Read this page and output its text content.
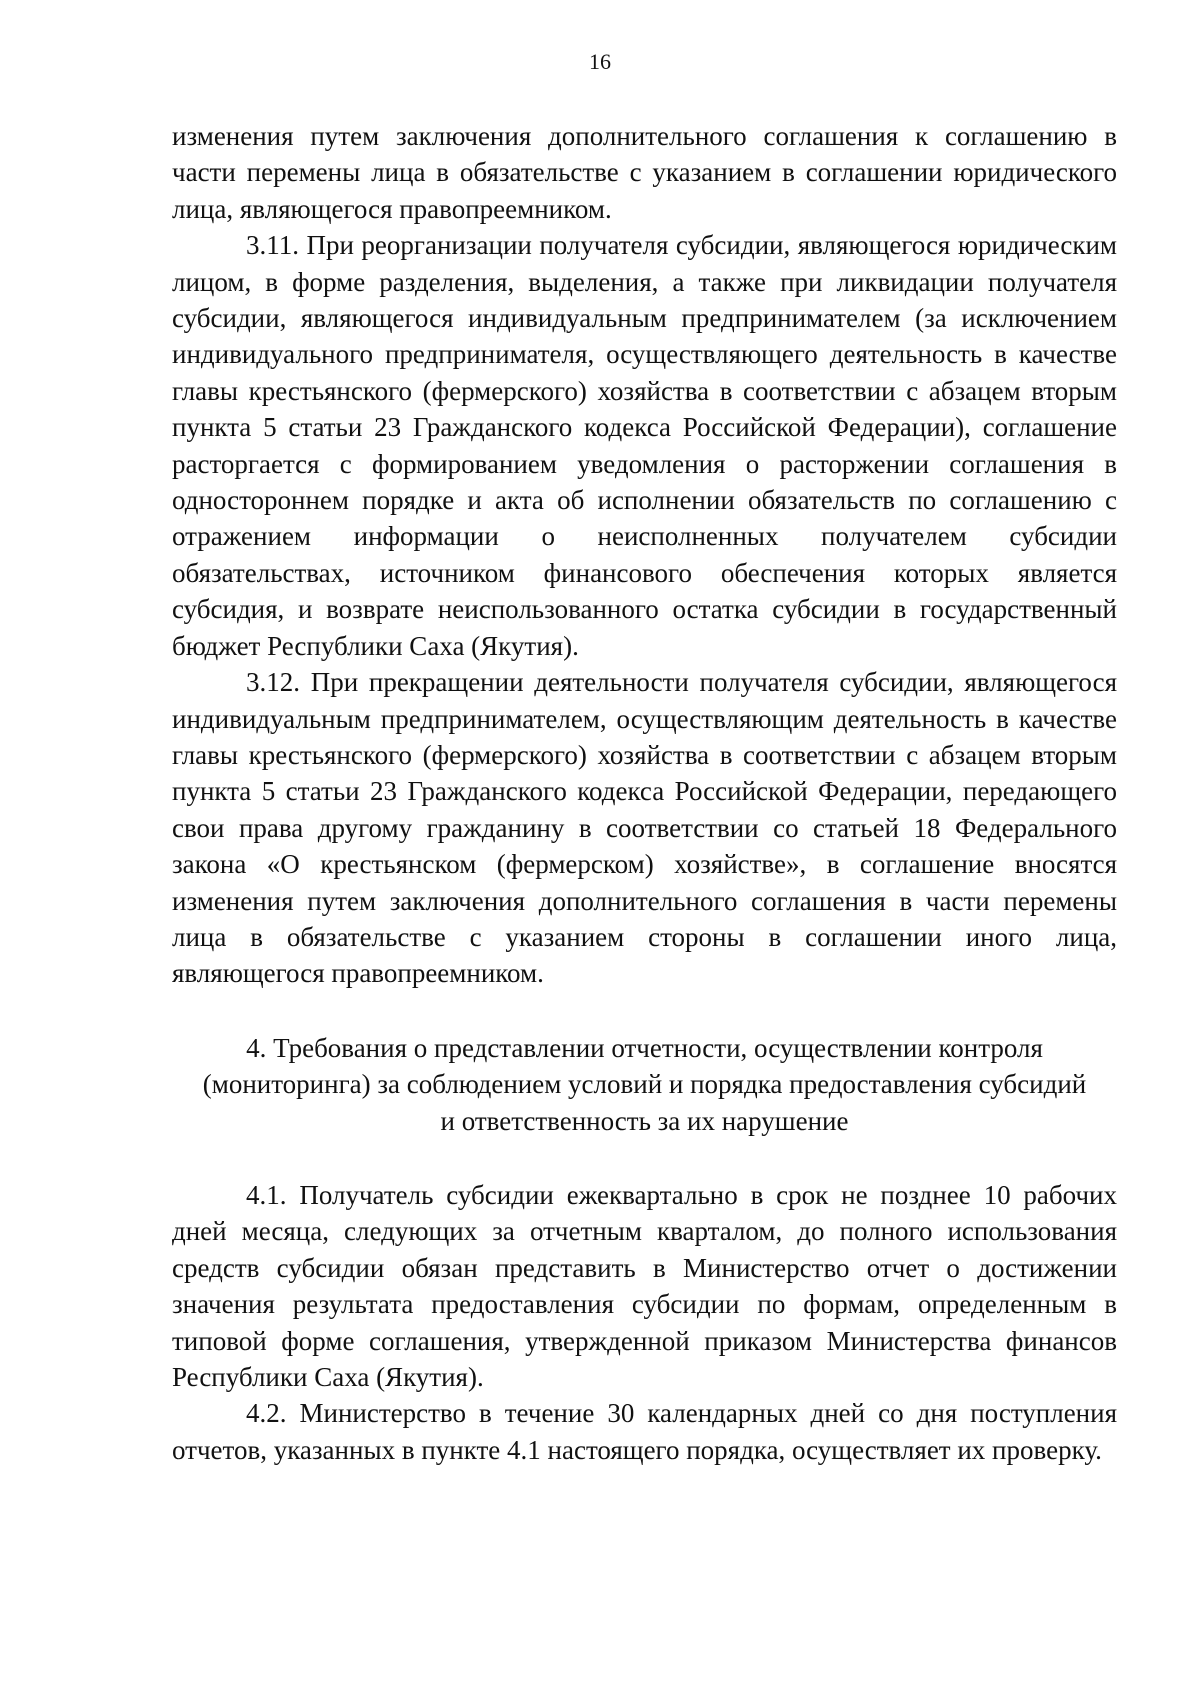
16

изменения путем заключения дополнительного соглашения к соглашению в части перемены лица в обязательстве с указанием в соглашении юридического лица, являющегося правопреемником.

3.11. При реорганизации получателя субсидии, являющегося юридическим лицом, в форме разделения, выделения, а также при ликвидации получателя субсидии, являющегося индивидуальным предпринимателем (за исключением индивидуального предпринимателя, осуществляющего деятельность в качестве главы крестьянского (фермерского) хозяйства в соответствии с абзацем вторым пункта 5 статьи 23 Гражданского кодекса Российской Федерации), соглашение расторгается с формированием уведомления о расторжении соглашения в одностороннем порядке и акта об исполнении обязательств по соглашению с отражением информации о неисполненных получателем субсидии обязательствах, источником финансового обеспечения которых является субсидия, и возврате неиспользованного остатка субсидии в государственный бюджет Республики Саха (Якутия).

3.12. При прекращении деятельности получателя субсидии, являющегося индивидуальным предпринимателем, осуществляющим деятельность в качестве главы крестьянского (фермерского) хозяйства в соответствии с абзацем вторым пункта 5 статьи 23 Гражданского кодекса Российской Федерации, передающего свои права другому гражданину в соответствии со статьей 18 Федерального закона «О крестьянском (фермерском) хозяйстве», в соглашение вносятся изменения путем заключения дополнительного соглашения в части перемены лица в обязательстве с указанием стороны в соглашении иного лица, являющегося правопреемником.

4. Требования о представлении отчетности, осуществлении контроля
(мониторинга) за соблюдением условий и порядка предоставления субсидий
и ответственность за их нарушение

4.1. Получатель субсидии ежеквартально в срок не позднее 10 рабочих дней месяца, следующих за отчетным кварталом, до полного использования средств субсидии обязан представить в Министерство отчет о достижении значения результата предоставления субсидии по формам, определенным в типовой форме соглашения, утвержденной приказом Министерства финансов Республики Саха (Якутия).

4.2. Министерство в течение 30 календарных дней со дня поступления отчетов, указанных в пункте 4.1 настоящего порядка, осуществляет их проверку.
